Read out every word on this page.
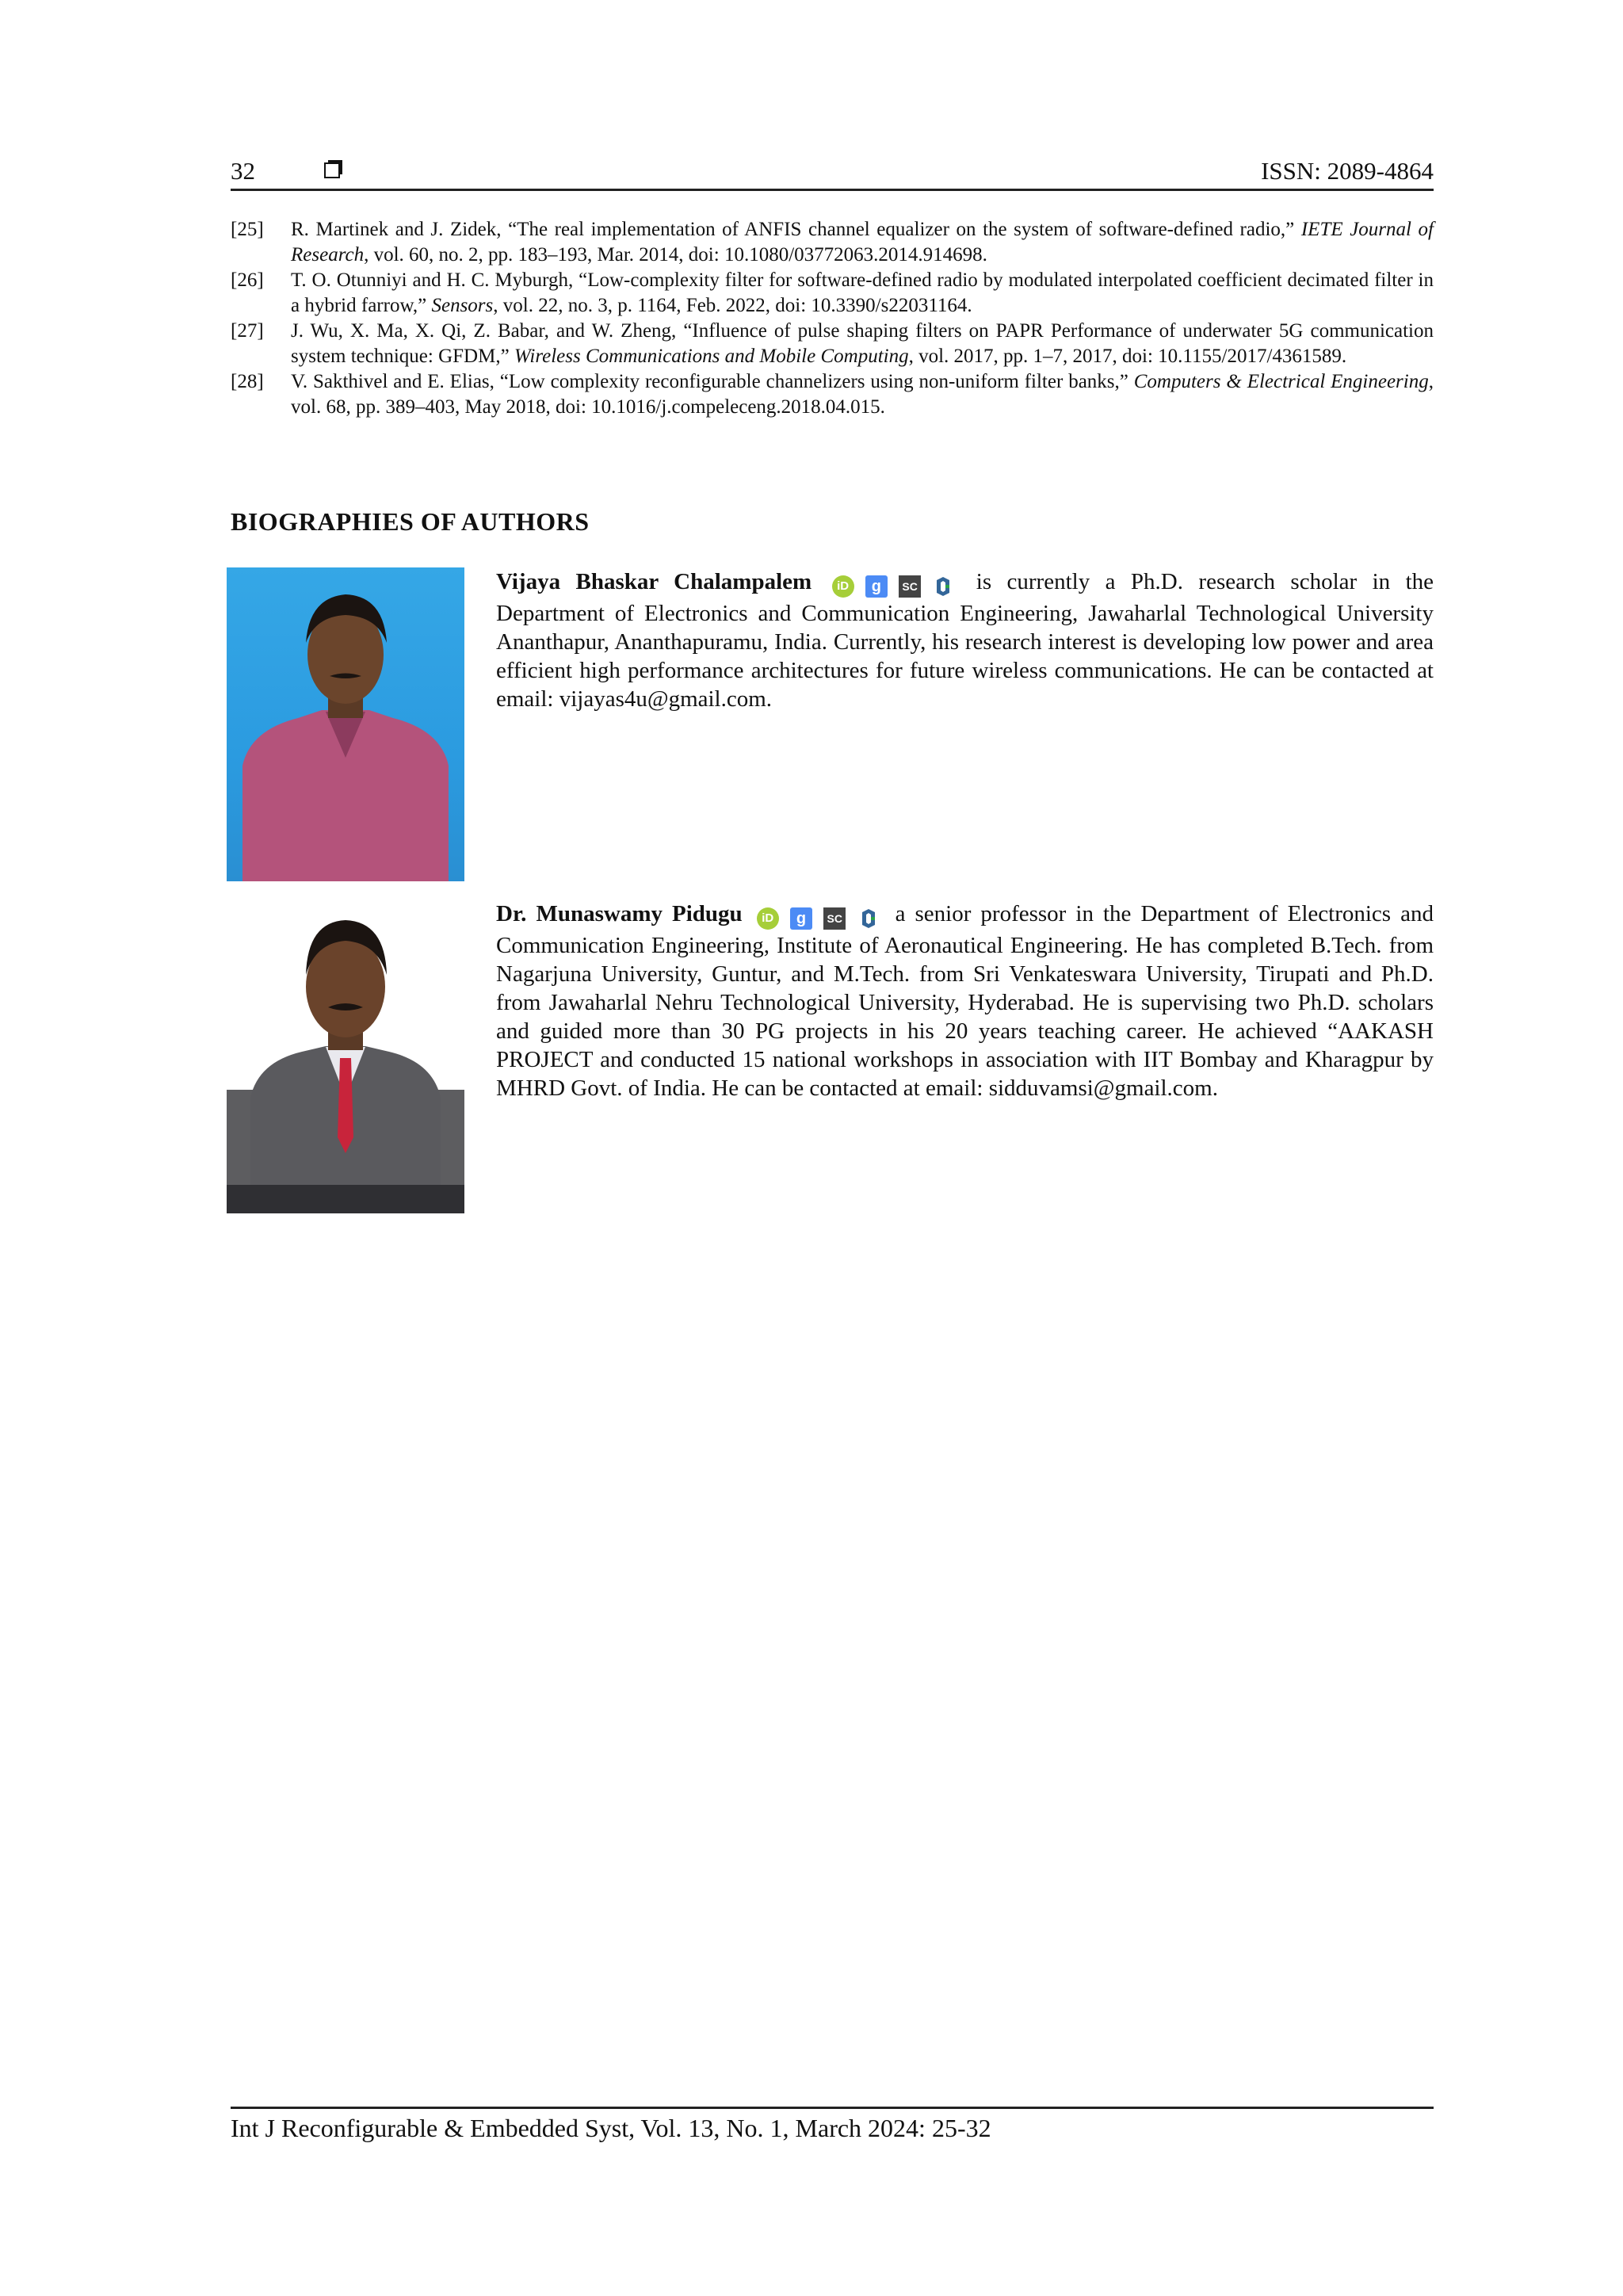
32	ISSN: 2089-4864
[25]	R. Martinek and J. Zidek, “The real implementation of ANFIS channel equalizer on the system of software-defined radio,” IETE Journal of Research, vol. 60, no. 2, pp. 183–193, Mar. 2014, doi: 10.1080/03772063.2014.914698.
[26]	T. O. Otunniyi and H. C. Myburgh, “Low-complexity filter for software-defined radio by modulated interpolated coefficient decimated filter in a hybrid farrow,” Sensors, vol. 22, no. 3, p. 1164, Feb. 2022, doi: 10.3390/s22031164.
[27]	J. Wu, X. Ma, X. Qi, Z. Babar, and W. Zheng, “Influence of pulse shaping filters on PAPR Performance of underwater 5G communication system technique: GFDM,” Wireless Communications and Mobile Computing, vol. 2017, pp. 1–7, 2017, doi: 10.1155/2017/4361589.
[28]	V. Sakthivel and E. Elias, “Low complexity reconfigurable channelizers using non-uniform filter banks,” Computers & Electrical Engineering, vol. 68, pp. 389–403, May 2018, doi: 10.1016/j.compeleceng.2018.04.015.
BIOGRAPHIES OF AUTHORS
Vijaya Bhaskar Chalampalem iD g SC	is currently a Ph.D. research scholar in the Department of Electronics and Communication Engineering, Jawaharlal Technological University Ananthapur, Ananthapuramu, India. Currently, his research interest is developing low power and area efficient high performance architectures for future wireless communications. He can be contacted at email: vijayas4u@gmail.com.
Dr. Munaswamy Pidugu iD g SC a senior professor in the Department of Electronics and Communication Engineering, Institute of Aeronautical Engineering. He has completed B.Tech. from Nagarjuna University, Guntur, and M.Tech. from Sri Venkateswara University, Tirupati and Ph.D. from Jawaharlal Nehru Technological University, Hyderabad. He is supervising two Ph.D. scholars and guided more than 30 PG projects in his 20 years teaching career. He achieved “AAKASH PROJECT and conducted 15 national workshops in association with IIT Bombay and Kharagpur by MHRD Govt. of India. He can be contacted at email: sidduvamsi@gmail.com.
Int J Reconfigurable & Embedded Syst, Vol. 13, No. 1, March 2024: 25-32
